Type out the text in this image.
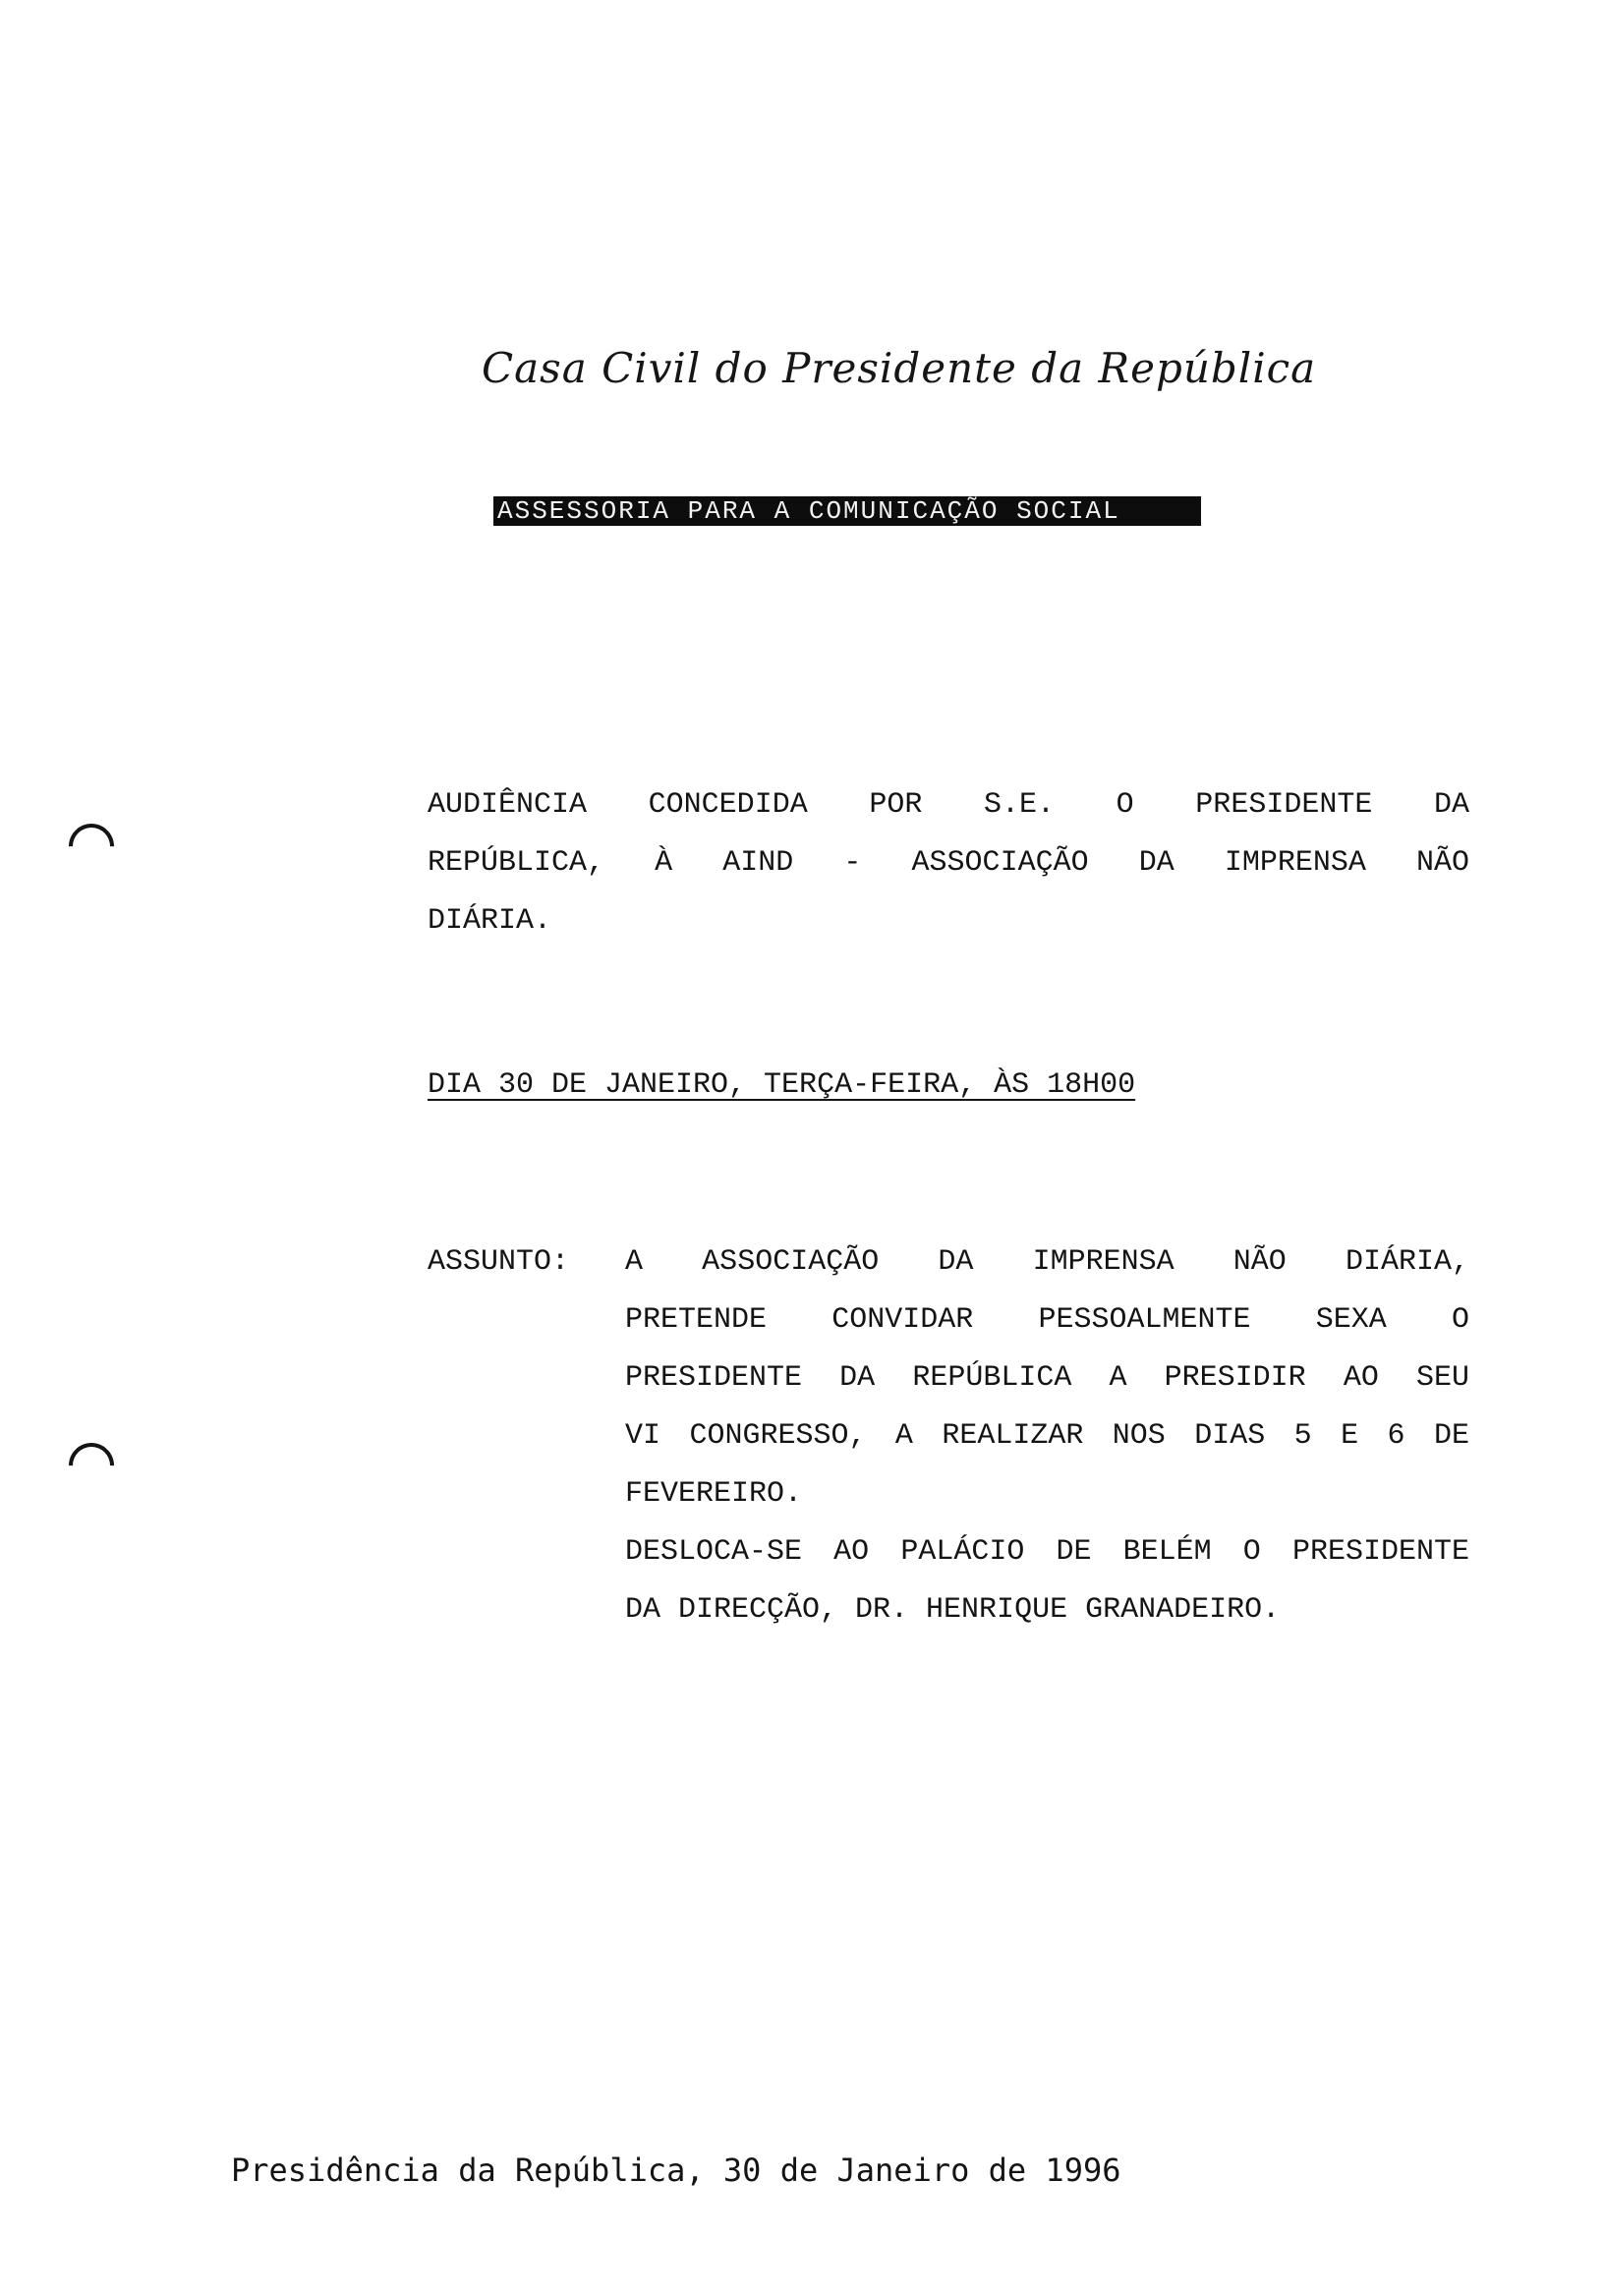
Casa Civil do Presidente da República
ASSESSORIA PARA A COMUNICAÇÃO SOCIAL
AUDIÊNCIA CONCEDIDA POR S.E. O PRESIDENTE DA
REPÚBLICA, À AIND - ASSOCIAÇÃO DA IMPRENSA NÃO
DIÁRIA.
DIA 30 DE JANEIRO, TERÇA-FEIRA, ÀS 18H00
ASSUNTO: A ASSOCIAÇÃO DA IMPRENSA NÃO DIÁRIA,
PRETENDE CONVIDAR PESSOALMENTE SEXA O
PRESIDENTE DA REPÚBLICA A PRESIDIR AO SEU
VI CONGRESSO, A REALIZAR NOS DIAS 5 E 6 DE
FEVEREIRO.
DESLOCA-SE AO PALÁCIO DE BELÉM O PRESIDENTE
DA DIRECÇÃO, DR. HENRIQUE GRANADEIRO.
Presidência da República, 30 de Janeiro de 1996
